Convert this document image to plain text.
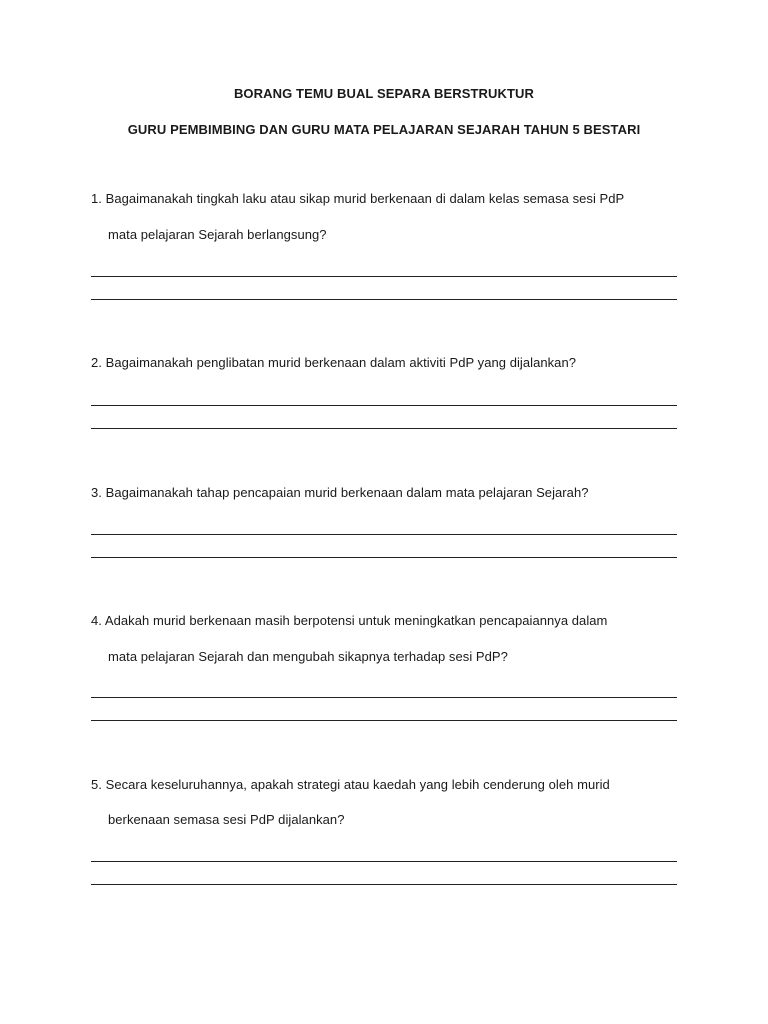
BORANG TEMU BUAL SEPARA BERSTRUKTUR
GURU PEMBIMBING DAN GURU MATA PELAJARAN SEJARAH TAHUN 5 BESTARI
1. Bagaimanakah tingkah laku atau sikap murid berkenaan di dalam kelas semasa sesi PdP
mata pelajaran Sejarah berlangsung?
2. Bagaimanakah penglibatan murid berkenaan dalam aktiviti PdP yang dijalankan?
3. Bagaimanakah tahap pencapaian murid berkenaan dalam mata pelajaran Sejarah?
4. Adakah murid berkenaan masih berpotensi untuk meningkatkan pencapaiannya dalam
mata pelajaran Sejarah dan mengubah sikapnya terhadap sesi PdP?
5. Secara keseluruhannya, apakah strategi atau kaedah yang lebih cenderung oleh murid
berkenaan semasa sesi PdP dijalankan?
